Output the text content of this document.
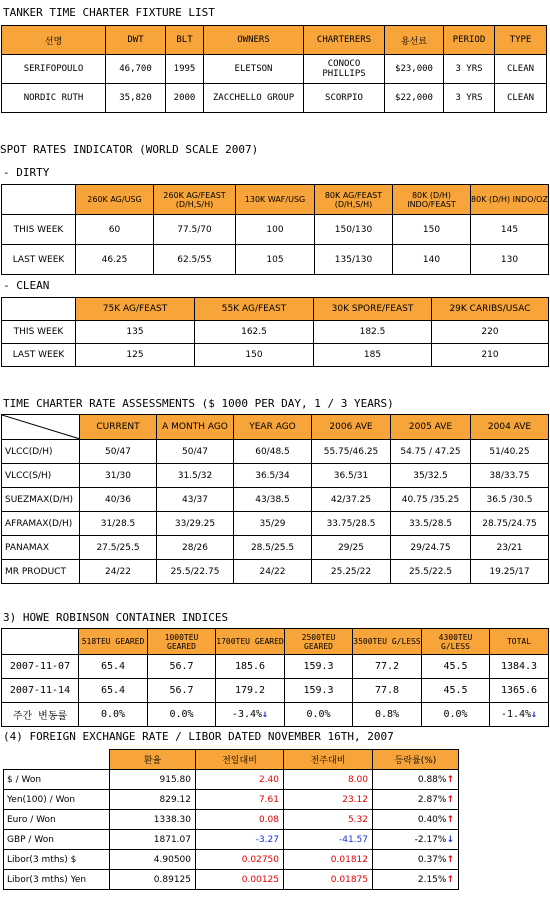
TANKER TIME CHARTER FIXTURE LIST
선명	DWT	BLT	OWNERS	CHARTERERS	용선료	PERIOD	TYPE
SERIFOPOULO	46,700	1995	ELETSON	CONOCO PHILLIPS	$23,000	3 YRS	CLEAN
NORDIC RUTH	35,820	2000	ZACCHELLO GROUP	SCORPIO	$22,000	3 YRS	CLEAN
SPOT RATES INDICATOR (WORLD SCALE 2007)
- DIRTY
	260K AG/USG	260K AG/FEAST (D/H,S/H)	130K WAF/USG	80K AG/FEAST (D/H,S/H)	80K (D/H) INDO/FEAST	80K (D/H) INDO/OZ
THIS WEEK	60	77.5/70	100	150/130	150	145
LAST WEEK	46.25	62.5/55	105	135/130	140	130
- CLEAN
	75K AG/FEAST	55K AG/FEAST	30K SPORE/FEAST	29K CARIBS/USAC
THIS WEEK	135	162.5	182.5	220
LAST WEEK	125	150	185	210
TIME CHARTER RATE ASSESSMENTS ($ 1000 PER DAY, 1 / 3 YEARS)
	CURRENT	A MONTH AGO	YEAR AGO	2006 AVE	2005 AVE	2004 AVE
VLCC(D/H)	50/47	50/47	60/48.5	55.75/46.25	54.75 / 47.25	51/40.25
VLCC(S/H)	31/30	31.5/32	36.5/34	36.5/31	35/32.5	38/33.75
SUEZMAX(D/H)	40/36	43/37	43/38.5	42/37.25	40.75 /35.25	36.5 /30.5
AFRAMAX(D/H)	31/28.5	33/29.25	35/29	33.75/28.5	33.5/28.5	28.75/24.75
PANAMAX	27.5/25.5	28/26	28.5/25.5	29/25	29/24.75	23/21
MR PRODUCT	24/22	25.5/22.75	24/22	25.25/22	25.5/22.5	19.25/17
3) HOWE ROBINSON CONTAINER INDICES
	518TEU GEARED	1000TEU GEARED	1700TEU GEARED	2500TEU GEARED	3500TEU G/LESS	4300TEU G/LESS	TOTAL
2007-11-07	65.4	56.7	185.6	159.3	77.2	45.5	1384.3
2007-11-14	65.4	56.7	179.2	159.3	77.8	45.5	1365.6
주간 변동률	0.0%	0.0%	-3.4%↓	0.0%	0.8%	0.0%	-1.4%↓
(4) FOREIGN EXCHANGE RATE / LIBOR DATED NOVEMBER 16TH, 2007
	환율	전일대비	전주대비	등락률(%)
$ / Won	915.80	2.40	8.00	0.88%↑
Yen(100) / Won	829.12	7.61	23.12	2.87%↑
Euro / Won	1338.30	0.08	5.32	0.40%↑
GBP / Won	1871.07	-3.27	-41.57	-2.17%↓
Libor(3 mths) $	4.90500	0.02750	0.01812	0.37%↑
Libor(3 mths) Yen	0.89125	0.00125	0.01875	2.15%↑
